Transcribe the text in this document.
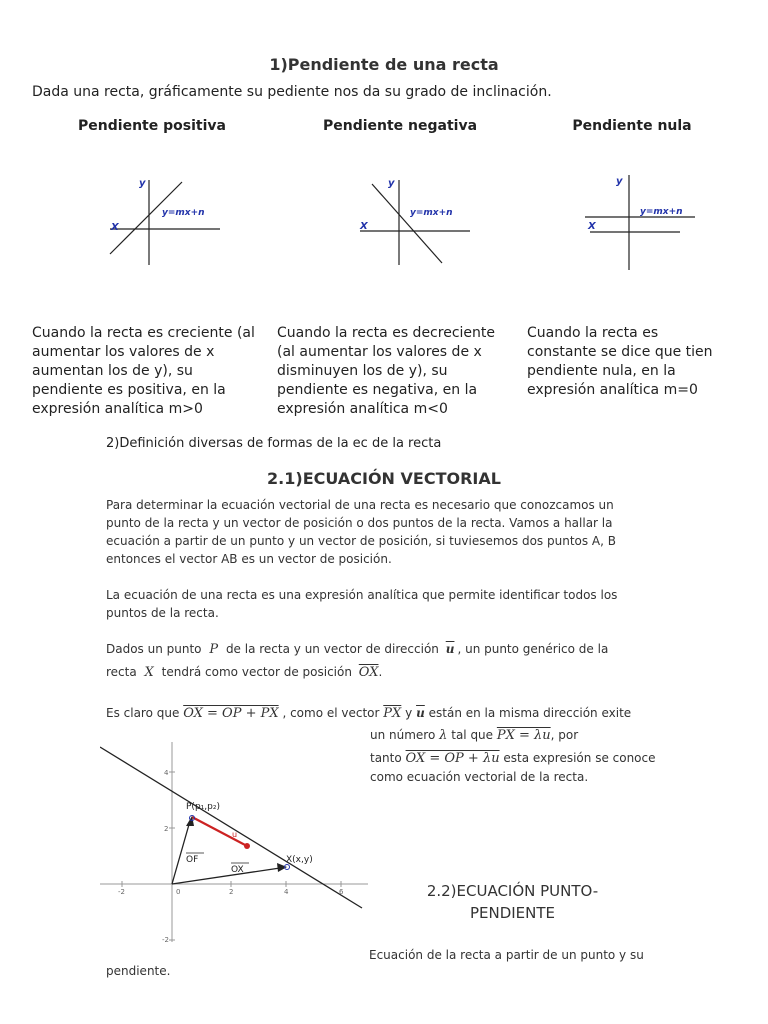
1)Pendiente de una recta
Dada una recta, gráficamente su pediente nos da su grado de inclinación.
Pendiente positiva	Pendiente negativa	Pendiente nula
y
X
y=mx+n
y
X
y=mx+n
y
X
y=mx+n
Cuando la recta es creciente (al
aumentar los valores de x
aumentan los de y), su
pendiente es positiva, en la
expresión analítica m>0
Cuando la recta es decreciente
(al aumentar los valores de x
disminuyen los de y), su
pendiente es negativa, en la
expresión analítica m<0
Cuando la recta es
constante se dice que tien
pendiente nula, en la
expresión analítica m=0
2)Definición diversas de formas de la ec de la recta
2.1)ECUACIÓN VECTORIAL
Para determinar la ecuación vectorial de una recta es necesario que conozcamos un
punto de la recta y un vector de posición o dos puntos de la recta. Vamos a hallar la
ecuación a partir de un punto y un vector de posición, si tuviesemos dos puntos A, B
entonces el vector AB es un vector de posición.
La ecuación de una recta es una expresión analítica que permite identificar todos los
puntos de la recta.
Dados un punto P de la recta y un vector de dirección $\overline{u}$ , un punto genérico de la
recta X tendrá como vector de posición $\overline{OX}$.
Es claro que OX = OP + PX , como el vector $\overline{PX}$ y $\overline{u}$ están en la misma dirección exite
un número λ tal que PX = λu, por
tanto OX = OP + λu esta expresión se conoce
como ecuación vectorial de la recta.
4
2
-2
-2	0	2	4	6
u
P(p₁,p₂)
OF	X(x,y)
OX
2.2)ECUACIÓN PUNTO-
PENDIENTE
Ecuación de la recta a partir de un punto y su
pendiente.
